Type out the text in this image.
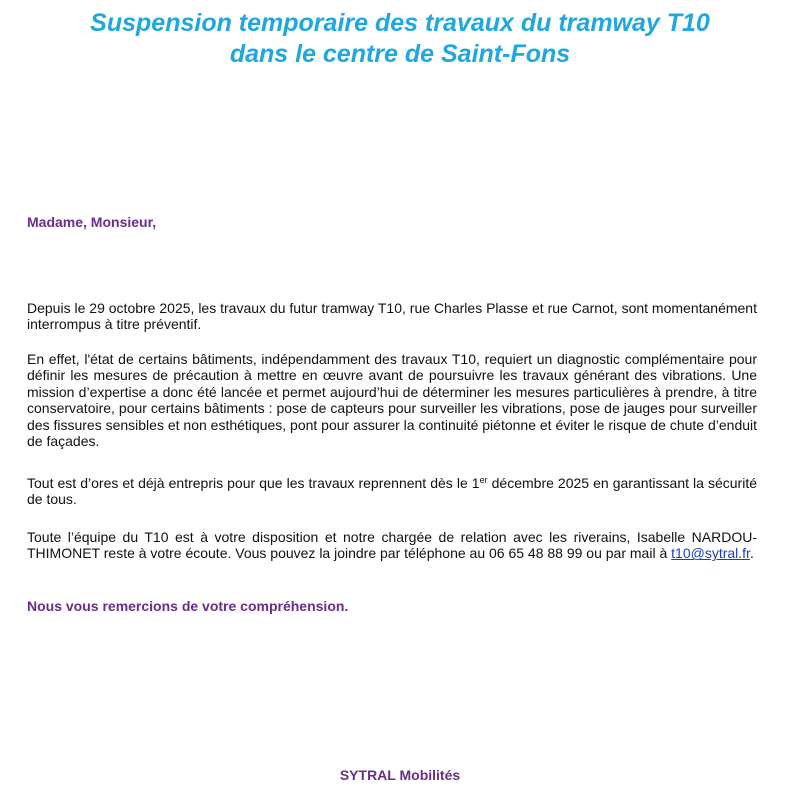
Suspension temporaire des travaux du tramway T10
dans le centre de Saint-Fons

Madame, Monsieur,

Depuis le 29 octobre 2025, les travaux du futur tramway T10, rue Charles Plasse et rue Carnot, sont momentanément interrompus à titre préventif.

En effet, l'état de certains bâtiments, indépendamment des travaux T10, requiert un diagnostic complémentaire pour définir les mesures de précaution à mettre en œuvre avant de poursuivre les travaux générant des vibrations. Une mission d’expertise a donc été lancée et permet aujourd’hui de déterminer les mesures particulières à prendre, à titre conservatoire, pour certains bâtiments : pose de capteurs pour surveiller les vibrations, pose de jauges pour surveiller des fissures sensibles et non esthétiques, pont pour assurer la continuité piétonne et éviter le risque de chute d’enduit de façades.

Tout est d’ores et déjà entrepris pour que les travaux reprennent dès le 1er décembre 2025 en garantissant la sécurité de tous.

Toute l’équipe du T10 est à votre disposition et notre chargée de relation avec les riverains, Isabelle NARDOU-THIMONET reste à votre écoute. Vous pouvez la joindre par téléphone au 06 65 48 88 99 ou par mail à t10@sytral.fr.

Nous vous remercions de votre compréhension.

SYTRAL Mobilités
